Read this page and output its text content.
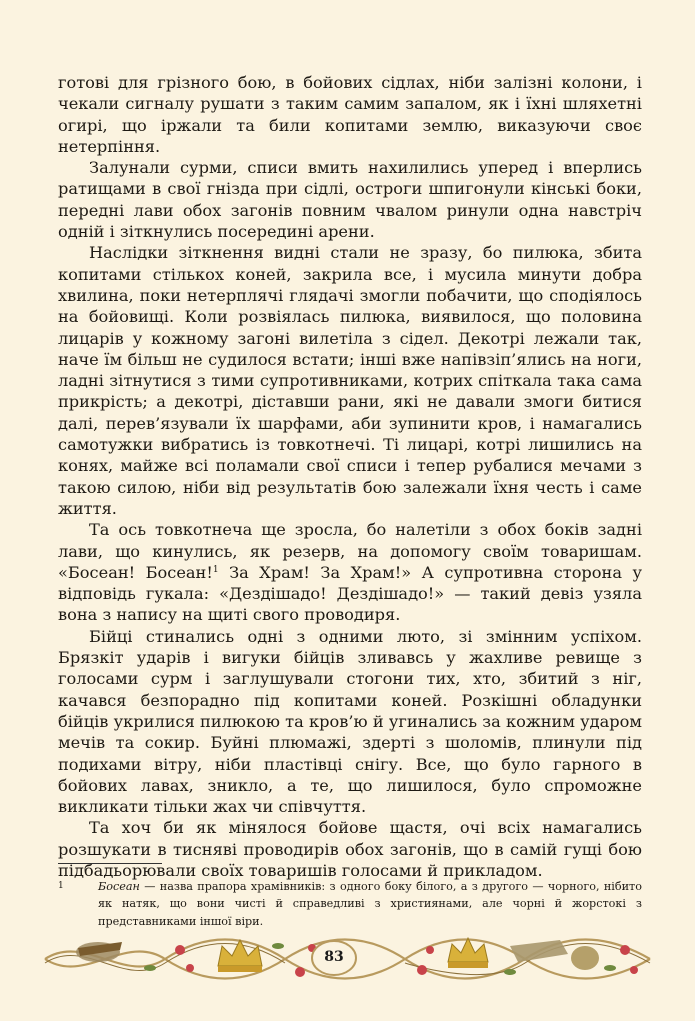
готові для грізного бою, в бойових сідлах, ніби залізні колони, і чекали сигналу рушати з таким самим запалом, як і їхні шляхетні огирі, що іржали та били копитами землю, виказуючи своє нетерпіння.

Залунали сурми, списи вмить нахилились уперед і вперлись ратищами в свої гнізда при сідлі, остроги шпигонули кінські боки, передні лави обох загонів повним чвалом ринули одна навстріч одній і зіткнулись посередині арени.

Наслідки зіткнення видні стали не зразу, бо пилюка, збита копитами стількох коней, закрила все, і мусила минути добра хвилина, поки нетерплячі глядачі змогли побачити, що сподіялось на бойовищі. Коли розвіялась пилюка, виявилося, що половина лицарів у кожному загоні вилетіла з сідел. Декотрі лежали так, наче їм більш не судилося встати; інші вже напівзіп’ялись на ноги, ладні зітнутися з тими супротивниками, котрих спіткала така сама прикрість; а декотрі, діставши рани, які не давали змоги битися далі, перев’язували їх шарфами, аби зупинити кров, і намагались самотужки вибратись із товкотнечі. Ті лицарі, котрі лишились на конях, майже всі поламали свої списи і тепер рубалися мечами з такою силою, ніби від результатів бою залежали їхня честь і саме життя.

Та ось товкотнеча ще зросла, бо налетіли з обох боків задні лави, що кинулись, як резерв, на допомогу своїм товаришам. «Босеан! Босеан!$^1$ За Храм! За Храм!» А супротивна сторона у відповідь гукала: «Дездішадо! Дездішадо!» — такий девіз узяла вона з напису на щиті свого проводиря.

Бійці стинались одні з одними люто, зі змінним успіхом. Брязкіт ударів і вигуки бійців зливавсь у жахливе ревище з голосами сурм і заглушували стогони тих, хто, збитий з ніг, качався безпорадно під копитами коней. Розкішні обладунки бійців укрилися пилюкою та кров’ю й угинались за кожним ударом мечів та сокир. Буйні плюмажі, здерті з шоломів, плинули під подихами вітру, ніби пластівці снігу. Все, що було гарного в бойових лавах, зникло, а те, що лишилося, було спроможне викликати тільки жах чи співчуття.

Та хоч би як мінялося бойове щастя, очі всіх намагались розшукати в тисняві проводирів обох загонів, що в самій гущі бою підбадьорювали своїх товаришів голосами й прикладом.

1	Босеан — назва прапора храмівників: з одного боку білого, а з другого — чорного, нібито як натяк, що вони чисті й справедливі з християнами, але чорні й жорстокі з представниками іншої віри.
83
